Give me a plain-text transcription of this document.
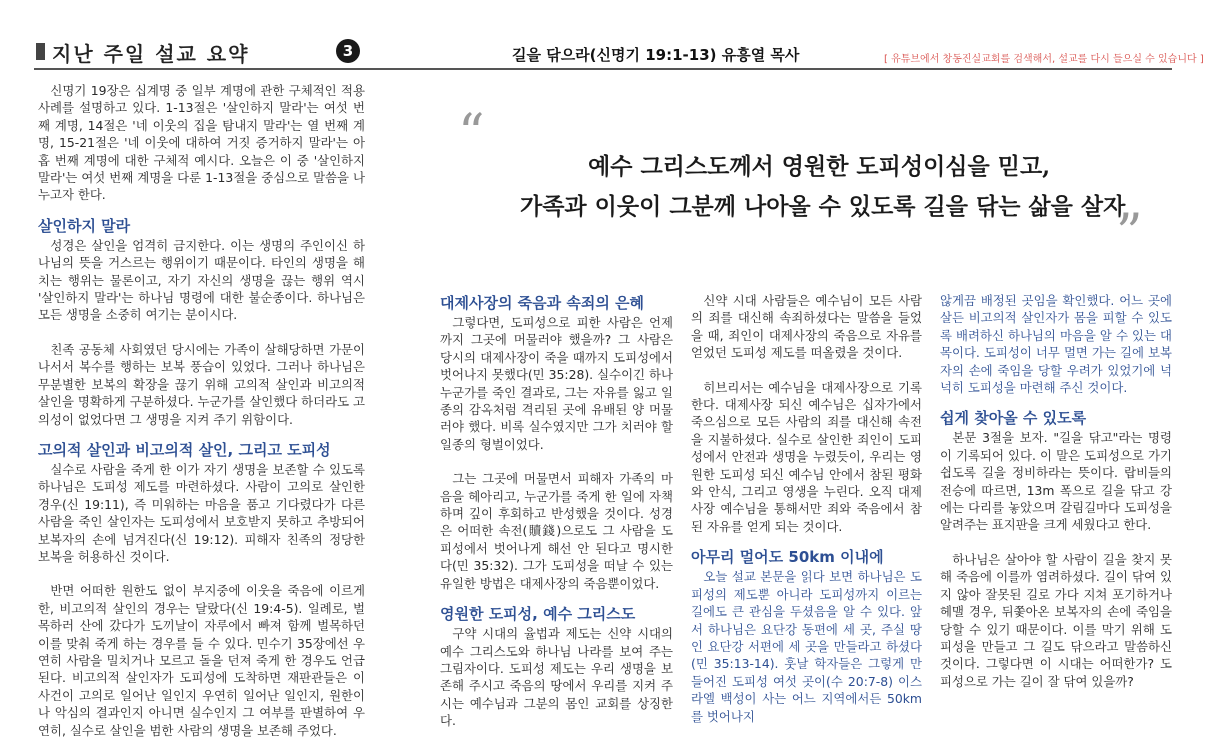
지난 주일 설교 요약	3	길을 닦으라(신명기 19:1-13) 유흥열 목사	[ 유튜브에서 창동진실교회를 검색해서, 설교를 다시 들으실 수 있습니다 ]

신명기 19장은 십계명 중 일부 계명에 관한 구체적인 적용 사례를 설명하고 있다. 1-13절은 '살인하지 말라'는 여섯 번째 계명, 14절은 '네 이웃의 집을 탐내지 말라'는 열 번째 계명, 15-21절은 '네 이웃에 대하여 거짓 증거하지 말라'는 아홉 번째 계명에 대한 구체적 예시다. 오늘은 이 중 '살인하지 말라'는 여섯 번째 계명을 다룬 1-13절을 중심으로 말씀을 나누고자 한다.

살인하지 말라

성경은 살인을 엄격히 금지한다. 이는 생명의 주인이신 하나님의 뜻을 거스르는 행위이기 때문이다. 타인의 생명을 해치는 행위는 물론이고, 자기 자신의 생명을 끊는 행위 역시 '살인하지 말라'는 하나님 명령에 대한 불순종이다. 하나님은 모든 생명을 소중히 여기는 분이시다.

친족 공동체 사회였던 당시에는 가족이 살해당하면 가문이 나서서 복수를 행하는 보복 풍습이 있었다. 그러나 하나님은 무분별한 보복의 확장을 끊기 위해 고의적 살인과 비고의적 살인을 명확하게 구분하셨다. 누군가를 살인했다 하더라도 고의성이 없었다면 그 생명을 지켜 주기 위함이다.

고의적 살인과 비고의적 살인, 그리고 도피성

실수로 사람을 죽게 한 이가 자기 생명을 보존할 수 있도록 하나님은 도피성 제도를 마련하셨다. 사람이 고의로 살인한 경우(신 19:11), 즉 미워하는 마음을 품고 기다렸다가 다른 사람을 죽인 살인자는 도피성에서 보호받지 못하고 추방되어 보복자의 손에 넘겨진다(신 19:12). 피해자 친족의 정당한 보복을 허용하신 것이다.

반면 어떠한 원한도 없이 부지중에 이웃을 죽음에 이르게 한, 비고의적 살인의 경우는 달랐다(신 19:4-5). 일례로, 벌목하러 산에 갔다가 도끼날이 자루에서 빠져 함께 벌목하던 이를 맞춰 죽게 하는 경우를 들 수 있다. 민수기 35장에선 우연히 사람을 밀치거나 모르고 돌을 던져 죽게 한 경우도 언급된다. 비고의적 살인자가 도피성에 도착하면 재판관들은 이 사건이 고의로 일어난 일인지 우연히 일어난 일인지, 원한이나 악심의 결과인지 아니면 실수인지 그 여부를 판별하여 우연히, 실수로 살인을 범한 사람의 생명을 보존해 주었다.

“
예수 그리스도께서 영원한 도피성이심을 믿고,
가족과 이웃이 그분께 나아올 수 있도록 길을 닦는 삶을 살자
”
대제사장의 죽음과 속죄의 은혜

그렇다면, 도피성으로 피한 사람은 언제까지 그곳에 머물러야 했을까? 그 사람은 당시의 대제사장이 죽을 때까지 도피성에서 벗어나지 못했다(민 35:28). 실수이긴 하나 누군가를 죽인 결과로, 그는 자유를 잃고 일종의 감옥처럼 격리된 곳에 유배된 양 머물러야 했다. 비록 실수였지만 그가 치러야 할 일종의 형벌이었다.

그는 그곳에 머물면서 피해자 가족의 마음을 헤아리고, 누군가를 죽게 한 일에 자책하며 깊이 후회하고 반성했을 것이다. 성경은 어떠한 속전(贖錢)으로도 그 사람을 도피성에서 벗어나게 해선 안 된다고 명시한다(민 35:32). 그가 도피성을 떠날 수 있는 유일한 방법은 대제사장의 죽음뿐이었다.

영원한 도피성, 예수 그리스도

구약 시대의 율법과 제도는 신약 시대의 예수 그리스도와 하나님 나라를 보여 주는 그림자이다. 도피성 제도는 우리 생명을 보존해 주시고 죽음의 땅에서 우리를 지켜 주시는 예수님과 그분의 몸인 교회를 상징한다.

신약 시대 사람들은 예수님이 모든 사람의 죄를 대신해 속죄하셨다는 말씀을 들었을 때, 죄인이 대제사장의 죽음으로 자유를 얻었던 도피성 제도를 떠올렸을 것이다.

히브리서는 예수님을 대제사장으로 기록한다. 대제사장 되신 예수님은 십자가에서 죽으심으로 모든 사람의 죄를 대신해 속전을 지불하셨다. 실수로 살인한 죄인이 도피성에서 안전과 생명을 누렸듯이, 우리는 영원한 도피성 되신 예수님 안에서 참된 평화와 안식, 그리고 영생을 누린다. 오직 대제사장 예수님을 통해서만 죄와 죽음에서 참된 자유를 얻게 되는 것이다.

아무리 멀어도 50km 이내에

오늘 설교 본문을 읽다 보면 하나님은 도피성의 제도뿐 아니라 도피성까지 이르는 길에도 큰 관심을 두셨음을 알 수 있다. 앞서 하나님은 요단강 동편에 세 곳, 주실 땅인 요단강 서편에 세 곳을 만들라고 하셨다(민 35:13-14). 훗날 학자들은 그렇게 만들어진 도피성 여섯 곳이(수 20:7-8) 이스라엘 백성이 사는 어느 지역에서든 50km를 벗어나지

않게끔 배정된 곳임을 확인했다. 어느 곳에 살든 비고의적 살인자가 몸을 피할 수 있도록 배려하신 하나님의 마음을 알 수 있는 대목이다. 도피성이 너무 멀면 가는 길에 보복자의 손에 죽임을 당할 우려가 있었기에 넉넉히 도피성을 마련해 주신 것이다.

쉽게 찾아올 수 있도록

본문 3절을 보자. "길을 닦고"라는 명령이 기록되어 있다. 이 말은 도피성으로 가기 쉽도록 길을 정비하라는 뜻이다. 랍비들의 전승에 따르면, 13m 폭으로 길을 닦고 강에는 다리를 놓았으며 갈림길마다 도피성을 알려주는 표지판을 크게 세웠다고 한다.

하나님은 살아야 할 사람이 길을 찾지 못해 죽음에 이를까 염려하셨다. 길이 닦여 있지 않아 잘못된 길로 가다 지쳐 포기하거나 헤맬 경우, 뒤쫓아온 보복자의 손에 죽임을 당할 수 있기 때문이다. 이를 막기 위해 도피성을 만들고 그 길도 닦으라고 말씀하신 것이다. 그렇다면 이 시대는 어떠한가? 도피성으로 가는 길이 잘 닦여 있을까?
